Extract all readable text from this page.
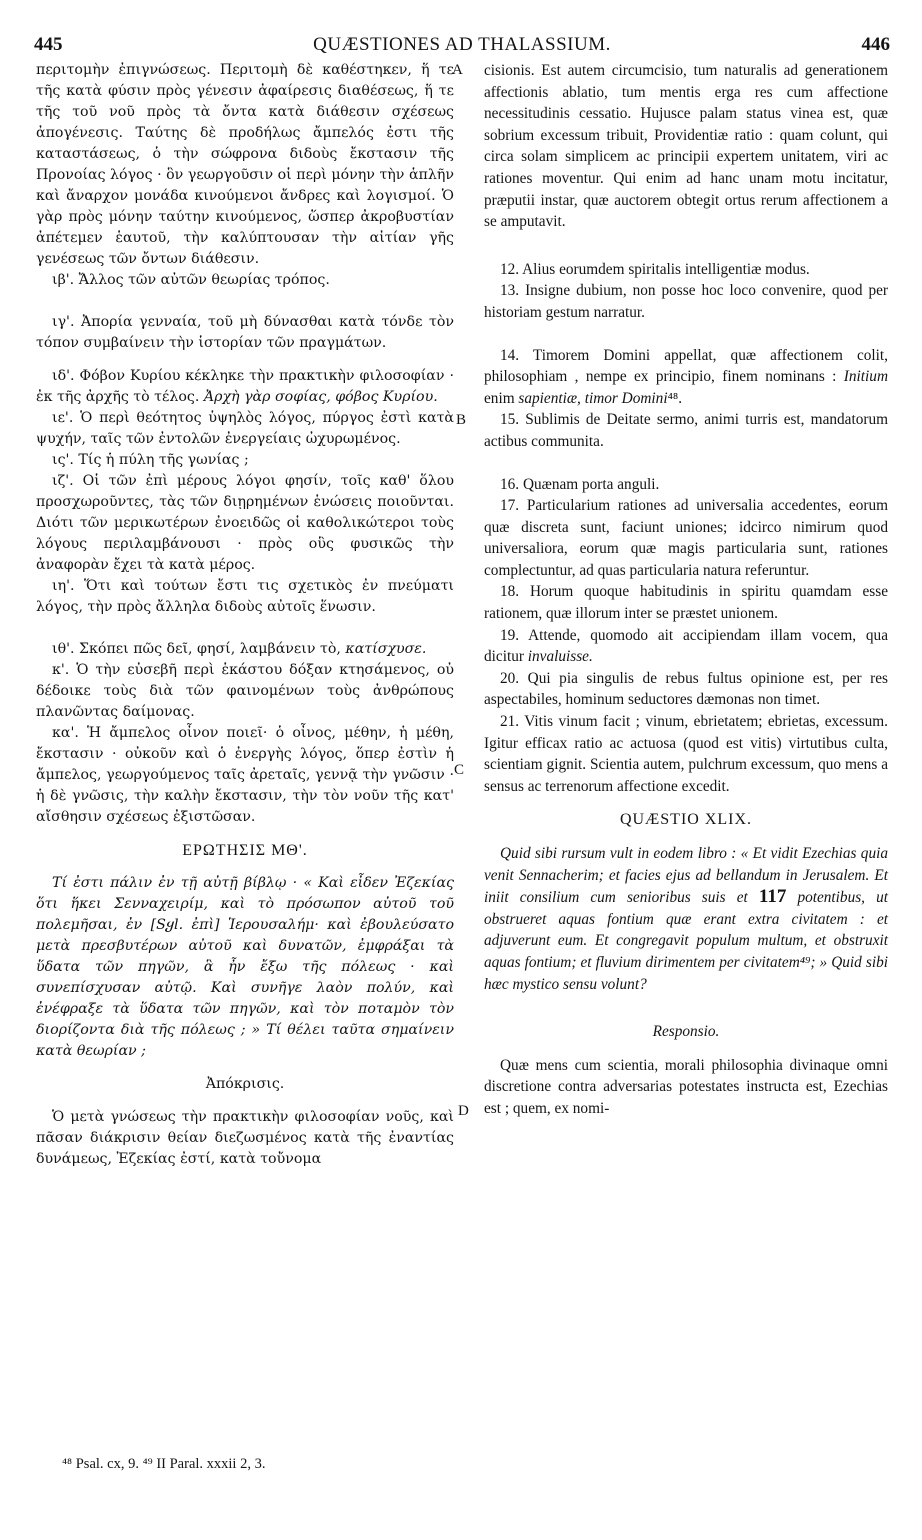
445	QUÆSTIONES AD THALASSIUM.	446
A
B
C
D

περιτομὴν ἐπιγνώσεως. Περιτομὴ δὲ καθέστηκεν, ἥ τε τῆς κατὰ φύσιν πρὸς γένεσιν ἀφαίρεσις διαθέσεως, ἥ τε τῆς τοῦ νοῦ πρὸς τὰ ὄντα κατὰ διάθεσιν σχέσεως ἀπογένεσις. Ταύτης δὲ προδήλως ἄμπελός ἐστι τῆς καταστάσεως, ὁ τὴν σώφρονα διδοὺς ἔκστασιν τῆς Προνοίας λόγος · ὃν γεωργοῦσιν οἱ περὶ μόνην τὴν ἁπλῆν καὶ ἄναρχον μονάδα κινούμενοι ἄνδρες καὶ λογισμοί. Ὁ γὰρ πρὸς μόνην ταύτην κινούμενος, ὥσπερ ἀκροβυστίαν ἀπέτεμεν ἑαυτοῦ, τὴν καλύπτουσαν τὴν αἰτίαν γῆς γενέσεως τῶν ὄντων διάθεσιν.

ιβ'. Ἄλλος τῶν αὐτῶν θεωρίας τρόπος.

ιγ'. Ἀπορία γενναία, τοῦ μὴ δύνασθαι κατὰ τόνδε τὸν τόπον συμβαίνειν τὴν ἱστορίαν τῶν πραγμάτων.

ιδ'. Φόβον Κυρίου κέκληκε τὴν πρακτικὴν φιλοσοφίαν · ἐκ τῆς ἀρχῆς τὸ τέλος. Ἀρχὴ γὰρ σοφίας, φόβος Κυρίου.

ιε'. Ὁ περὶ θεότητος ὑψηλὸς λόγος, πύργος ἐστὶ κατὰ ψυχήν, ταῖς τῶν ἐντολῶν ἐνεργείαις ὠχυρωμένος.

ις'. Τίς ἡ πύλη τῆς γωνίας ;

ιζ'. Οἱ τῶν ἐπὶ μέρους λόγοι φησίν, τοῖς καθ' ὅλου προσχωροῦντες, τὰς τῶν διῃρημένων ἑνώσεις ποιοῦνται. Διότι τῶν μερικωτέρων ἐνοειδῶς οἱ καθολικώτεροι τοὺς λόγους περιλαμβάνουσι · πρὸς οὓς φυσικῶς τὴν ἀναφορὰν ἔχει τὰ κατὰ μέρος.

ιη'. Ὅτι καὶ τούτων ἔστι τις σχετικὸς ἐν πνεύματι λόγος, τὴν πρὸς ἄλληλα διδοὺς αὐτοῖς ἕνωσιν.

ιθ'. Σκόπει πῶς δεῖ, φησί, λαμβάνειν τὸ, κατίσχυσε.

κ'. Ὁ τὴν εὐσεβῆ περὶ ἑκάστου δόξαν κτησάμενος, οὐ δέδοικε τοὺς διὰ τῶν φαινομένων τοὺς ἀνθρώπους πλανῶντας δαίμονας.

κα'. Ἡ ἄμπελος οἶνον ποιεῖ· ὁ οἶνος, μέθην, ἡ μέθη, ἔκστασιν · οὐκοῦν καὶ ὁ ἐνεργὴς λόγος, ὅπερ ἐστὶν ἡ ἄμπελος, γεωργούμενος ταῖς ἀρεταῖς, γεννᾷ τὴν γνῶσιν · ἡ δὲ γνῶσις, τὴν καλὴν ἔκστασιν, τὴν τὸν νοῦν τῆς κατ' αἴσθησιν σχέσεως ἐξιστῶσαν.

ΕΡΩΤΗΣΙΣ ΜΘ'.

Τί ἐστι πάλιν ἐν τῇ αὐτῇ βίβλῳ · « Καὶ εἶδεν Ἐζεκίας ὅτι ἥκει Σενναχειρίμ, καὶ τὸ πρόσωπον αὐτοῦ τοῦ πολεμῆσαι, ἐν [Sყl. ἐπὶ] Ἱερουσαλήμ· καὶ ἐβουλεύσατο μετὰ πρεσβυτέρων αὐτοῦ καὶ δυνατῶν, ἐμφράξαι τὰ ὕδατα τῶν πηγῶν, ἃ ἦν ἔξω τῆς πόλεως · καὶ συνεπίσχυσαν αὐτῷ. Καὶ συνῆγε λαὸν πολύν, καὶ ἐνέφραξε τὰ ὕδατα τῶν πηγῶν, καὶ τὸν ποταμὸν τὸν διορίζοντα διὰ τῆς πόλεως ; » Τί θέλει ταῦτα σημαίνειν κατὰ θεωρίαν ;

Ἀπόκρισις.

Ὁ μετὰ γνώσεως τὴν πρακτικὴν φιλοσοφίαν νοῦς, καὶ πᾶσαν διάκρισιν θείαν διεζωσμένος κατὰ τῆς ἐναντίας δυνάμεως, Ἐζεκίας ἐστί, κατὰ τοὔνομα

cisionis. Est autem circumcisio, tum naturalis ad generationem affectionis ablatio, tum mentis erga res cum affectione necessitudinis cessatio. Hujusce palam status vinea est, quæ sobrium excessum tribuit, Providentiæ ratio : quam colunt, qui circa solam simplicem ac principii expertem unitatem, viri ac rationes moventur. Qui enim ad hanc unam motu incitatur, præputii instar, quæ auctorem obtegit ortus rerum affectionem a se amputavit.

12. Alius eorumdem spiritalis intelligentiæ modus.

13. Insigne dubium, non posse hoc loco convenire, quod per historiam gestum narratur.

14. Timorem Domini appellat, quæ affectionem colit, philosophiam , nempe ex principio, finem nominans : Initium enim sapientiæ, timor Domini⁴⁸.

15. Sublimis de Deitate sermo, animi turris est, mandatorum actibus communita.

16. Quænam porta anguli.

17. Particularium rationes ad universalia accedentes, eorum quæ discreta sunt, faciunt uniones; idcirco nimirum quod universaliora, eorum quæ magis particularia sunt, rationes complectuntur, ad quas particularia natura referuntur.

18. Horum quoque habitudinis in spiritu quamdam esse rationem, quæ illorum inter se præstet unionem.

19. Attende, quomodo ait accipiendam illam vocem, qua dicitur invaluisse.

20. Qui pia singulis de rebus fultus opinione est, per res aspectabiles, hominum seductores dæmonas non timet.

21. Vitis vinum facit ; vinum, ebrietatem; ebrietas, excessum. Igitur efficax ratio ac actuosa (quod est vitis) virtutibus culta, scientiam gignit. Scientia autem, pulchrum excessum, quo mens a sensus ac terrenorum affectione excedit.

QUÆSTIO XLIX.

Quid sibi rursum vult in eodem libro : « Et vidit Ezechias quia venit Sennacherim; et facies ejus ad bellandum in Jerusalem. Et iniit consilium cum senioribus suis et 117 potentibus, ut obstrueret aquas fontium quæ erant extra civitatem : et adjuverunt eum. Et congregavit populum multum, et obstruxit aquas fontium; et fluvium dirimentem per civitatem⁴⁹; » Quid sibi hæc mystico sensu volunt?

Responsio.

Quæ mens cum scientia, morali philosophia divinaque omni discretione contra adversarias potestates instructa est, Ezechias est ; quem, ex nomi-

⁴⁸ Psal. cx, 9. ⁴⁹ II Paral. xxxii 2, 3.
